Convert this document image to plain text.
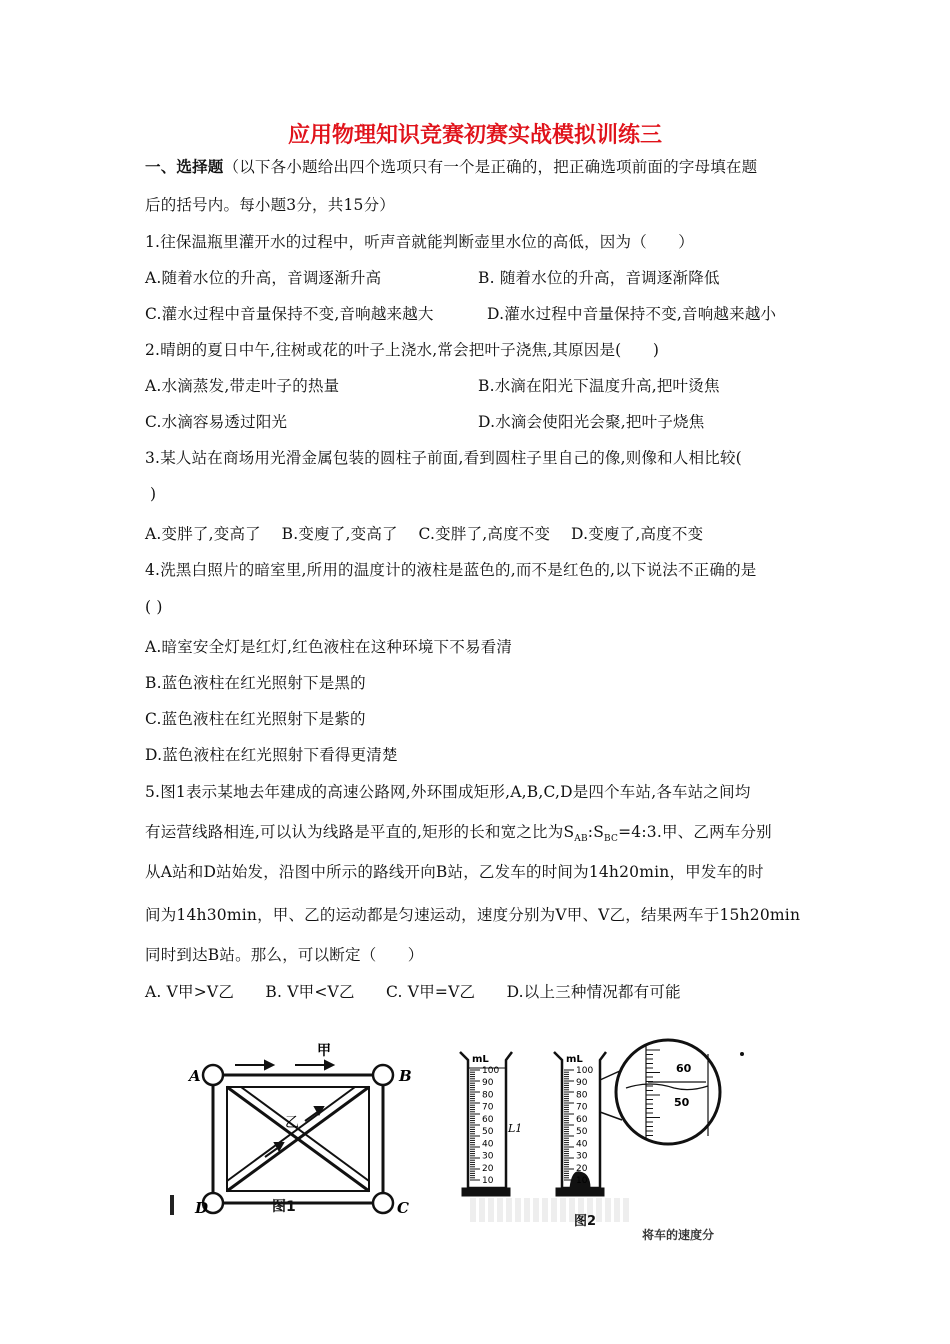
应用物理知识竞赛初赛实战模拟训练三
一、选择题（以下各小题给出四个选项只有一个是正确的，把正确选项前面的字母填在题
后的括号内。每小题3分，共15分）
1.往保温瓶里灌开水的过程中，听声音就能判断壶里水位的高低，因为（　　）
A.随着水位的升高，音调逐渐升高	B. 随着水位的升高，音调逐渐降低
C.灌水过程中音量保持不变,音响越来越大	D.灌水过程中音量保持不变,音响越来越小
2.晴朗的夏日中午,往树或花的叶子上浇水,常会把叶子浇焦,其原因是(　　)
A.水滴蒸发,带走叶子的热量	B.水滴在阳光下温度升高,把叶烫焦
C.水滴容易透过阳光	D.水滴会使阳光会聚,把叶子烧焦
3.某人站在商场用光滑金属包装的圆柱子前面,看到圆柱子里自己的像,则像和人相比较(
)
A.变胖了,变高了　 B.变廋了,变高了　 C.变胖了,高度不变　 D.变廋了,高度不变
4.洗黑白照片的暗室里,所用的温度计的液柱是蓝色的,而不是红色的,以下说法不正确的是
( )
A.暗室安全灯是红灯,红色液柱在这种环境下不易看清
B.蓝色液柱在红光照射下是黑的
C.蓝色液柱在红光照射下是紫的
D.蓝色液柱在红光照射下看得更清楚
5.图1表示某地去年建成的高速公路网,外环围成矩形,A,B,C,D是四个车站,各车站之间均
有运营线路相连,可以认为线路是平直的,矩形的长和宽之比为$S_{AB}:S_{BC}=4:3$.甲、乙两车分别
从A站和D站始发，沿图中所示的路线开向B站，乙发车的时间为14h20min，甲发车的时
间为14h30min，甲、乙的运动都是匀速运动，速度分别为V甲、V乙，结果两车于15h20min
同时到达B站。那么，可以断定（　　）
A. V甲>V乙　　B. V甲<V乙　　C. V甲=V乙　　D.以上三种情况都有可能
A	B
D	C
甲
乙
图1
mL
100
90
80
70
60
50
40
30
20
10
L1
mL
100
90
80
70
60
50
40
30
20
10
60
50
图2
将车的速度分
